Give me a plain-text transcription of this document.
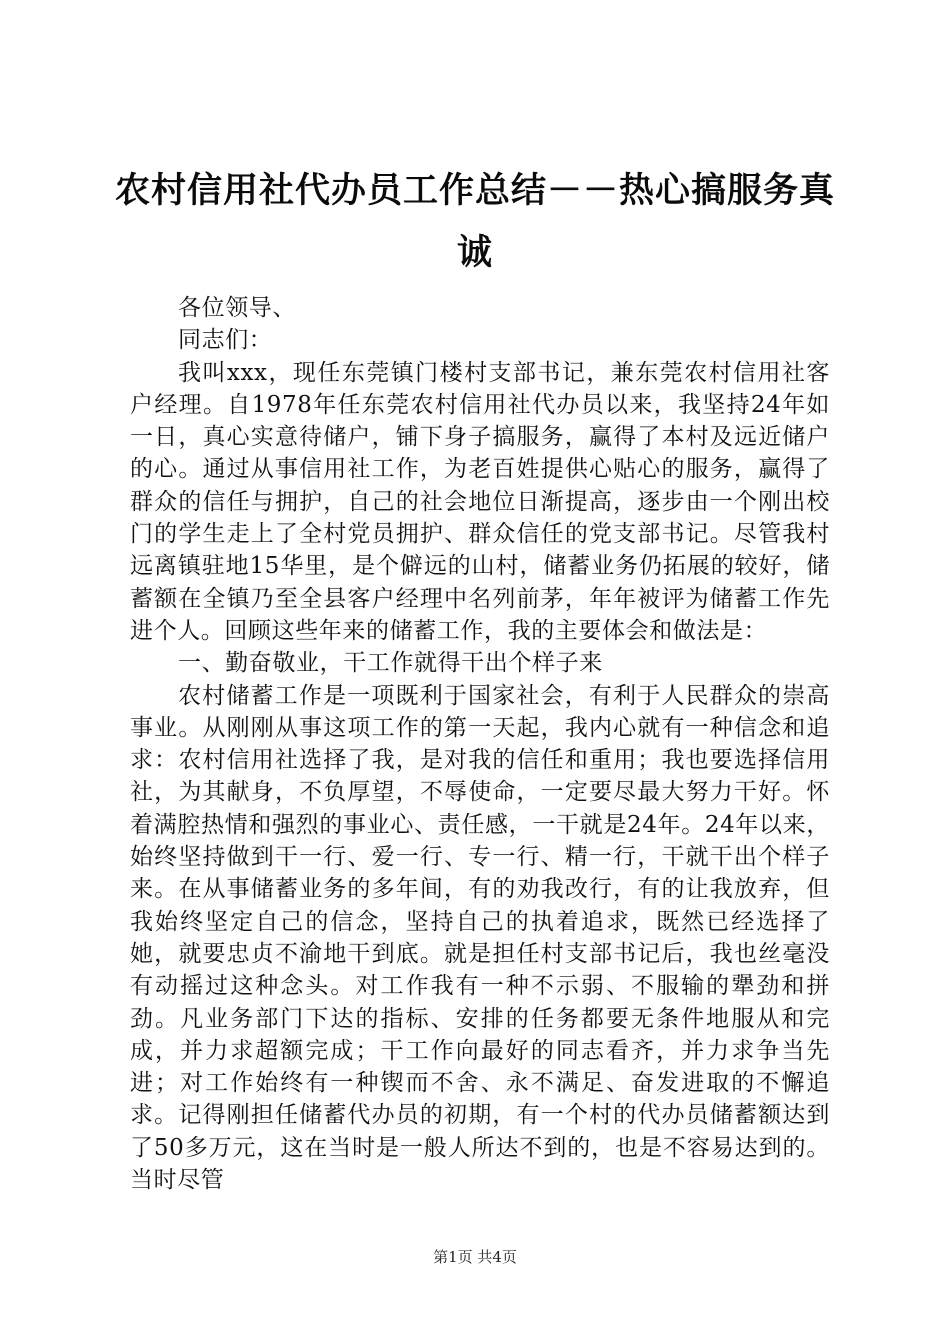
农村信用社代办员工作总结－－热心搞服务真诚

各位领导、

同志们：

我叫xxx，现任东莞镇门楼村支部书记，兼东莞农村信用社客户经理。自1978年任东莞农村信用社代办员以来，我坚持24年如一日，真心实意待储户，铺下身子搞服务，赢得了本村及远近储户的心。通过从事信用社工作，为老百姓提供心贴心的服务，赢得了群众的信任与拥护，自己的社会地位日渐提高，逐步由一个刚出校门的学生走上了全村党员拥护、群众信任的党支部书记。尽管我村远离镇驻地15华里，是个僻远的山村，储蓄业务仍拓展的较好，储蓄额在全镇乃至全县客户经理中名列前茅，年年被评为储蓄工作先进个人。回顾这些年来的储蓄工作，我的主要体会和做法是：

一、勤奋敬业，干工作就得干出个样子来

农村储蓄工作是一项既利于国家社会，有利于人民群众的崇高事业。从刚刚从事这项工作的第一天起，我内心就有一种信念和追求：农村信用社选择了我，是对我的信任和重用；我也要选择信用社，为其献身，不负厚望，不辱使命，一定要尽最大努力干好。怀着满腔热情和强烈的事业心、责任感，一干就是24年。24年以来，始终坚持做到干一行、爱一行、专一行、精一行，干就干出个样子来。在从事储蓄业务的多年间，有的劝我改行，有的让我放弃，但我始终坚定自己的信念，坚持自己的执着追求，既然已经选择了她，就要忠贞不渝地干到底。就是担任村支部书记后，我也丝毫没有动摇过这种念头。对工作我有一种不示弱、不服输的犟劲和拼劲。凡业务部门下达的指标、安排的任务都要无条件地服从和完成，并力求超额完成；干工作向最好的同志看齐，并力求争当先进；对工作始终有一种锲而不舍、永不满足、奋发进取的不懈追求。记得刚担任储蓄代办员的初期，有一个村的代办员储蓄额达到了50多万元，这在当时是一般人所达不到的，也是不容易达到的。当时尽管

第1页 共4页
